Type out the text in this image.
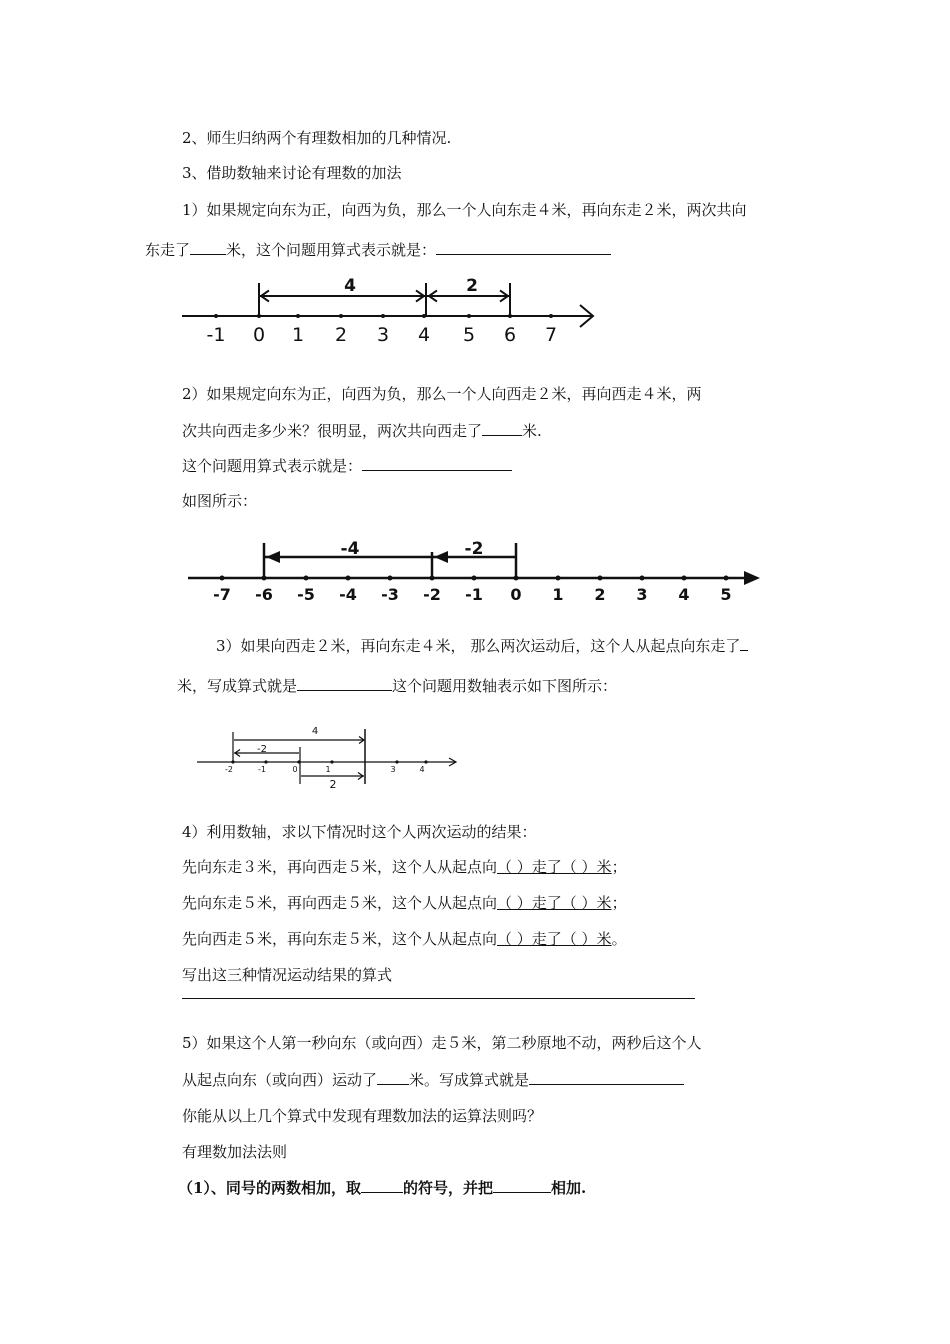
2、师生归纳两个有理数相加的几种情况.
3、借助数轴来讨论有理数的加法
1）如果规定向东为正，向西为负，那么一个人向东走４米，再向东走２米，两次共向
东走了 米，这个问题用算式表示就是：
-1 0 1 2 3 4 5 6 7
4	2
-7 -6 -5 -4 -3 -2 -1 0 1 2 3 4 5
-4	-2
-2	-1	0	1	3	4
4
-2
2
2）如果规定向东为正，向西为负，那么一个人向西走２米，再向西走４米，两
次共向西走多少米？很明显，两次共向西走了	米.
这个问题用算式表示就是：
如图所示：
3）如果向西走２米，再向东走４米， 那么两次运动后，这个人从起点向东走了
米，写成算式就是	这个问题用数轴表示如下图所示：
4）利用数轴，求以下情况时这个人两次运动的结果：
先向东走３米，再向西走５米，这个人从起点向（ ）走了（ ）米；
先向东走５米，再向西走５米，这个人从起点向（ ）走了（ ）米；
先向西走５米，再向东走５米，这个人从起点向（ ）走了（ ）米。
写出这三种情况运动结果的算式
5）如果这个人第一秒向东（或向西）走５米，第二秒原地不动，两秒后这个人
从起点向东（或向西）运动了 米。写成算式就是
你能从以上几个算式中发现有理数加法的运算法则吗？
有理数加法法则
（1）、同号的两数相加，取	的符号，并把	相加.
